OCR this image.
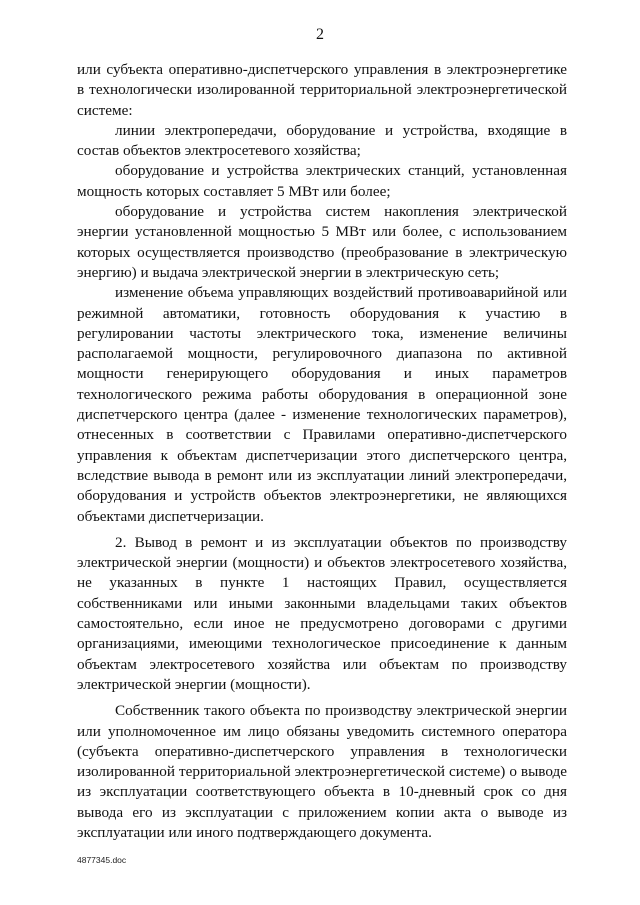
2

или субъекта оперативно-диспетчерского управления в электроэнергетике в технологически изолированной территориальной электроэнергетической системе:

линии электропередачи, оборудование и устройства, входящие в состав объектов электросетевого хозяйства;

оборудование и устройства электрических станций, установленная мощность которых составляет 5 МВт или более;

оборудование и устройства систем накопления электрической энергии установленной мощностью 5 МВт или более, с использованием которых осуществляется производство (преобразование в электрическую энергию) и выдача электрической энергии в электрическую сеть;

изменение объема управляющих воздействий противоаварийной или режимной автоматики, готовность оборудования к участию в регулировании частоты электрического тока, изменение величины располагаемой мощности, регулировочного диапазона по активной мощности генерирующего оборудования и иных параметров технологического режима работы оборудования в операционной зоне диспетчерского центра (далее - изменение технологических параметров), отнесенных в соответствии с Правилами оперативно-диспетчерского управления к объектам диспетчеризации этого диспетчерского центра, вследствие вывода в ремонт или из эксплуатации линий электропередачи, оборудования и устройств объектов электроэнергетики, не являющихся объектами диспетчеризации.

2. Вывод в ремонт и из эксплуатации объектов по производству электрической энергии (мощности) и объектов электросетевого хозяйства, не указанных в пункте 1 настоящих Правил, осуществляется собственниками или иными законными владельцами таких объектов самостоятельно, если иное не предусмотрено договорами с другими организациями, имеющими технологическое присоединение к данным объектам электросетевого хозяйства или объектам по производству электрической энергии (мощности).

Собственник такого объекта по производству электрической энергии или уполномоченное им лицо обязаны уведомить системного оператора (субъекта оперативно-диспетчерского управления в технологически изолированной территориальной электроэнергетической системе) о выводе из эксплуатации соответствующего объекта в 10-дневный срок со дня вывода его из эксплуатации с приложением копии акта о выводе из эксплуатации или иного подтверждающего документа.

4877345.doc
